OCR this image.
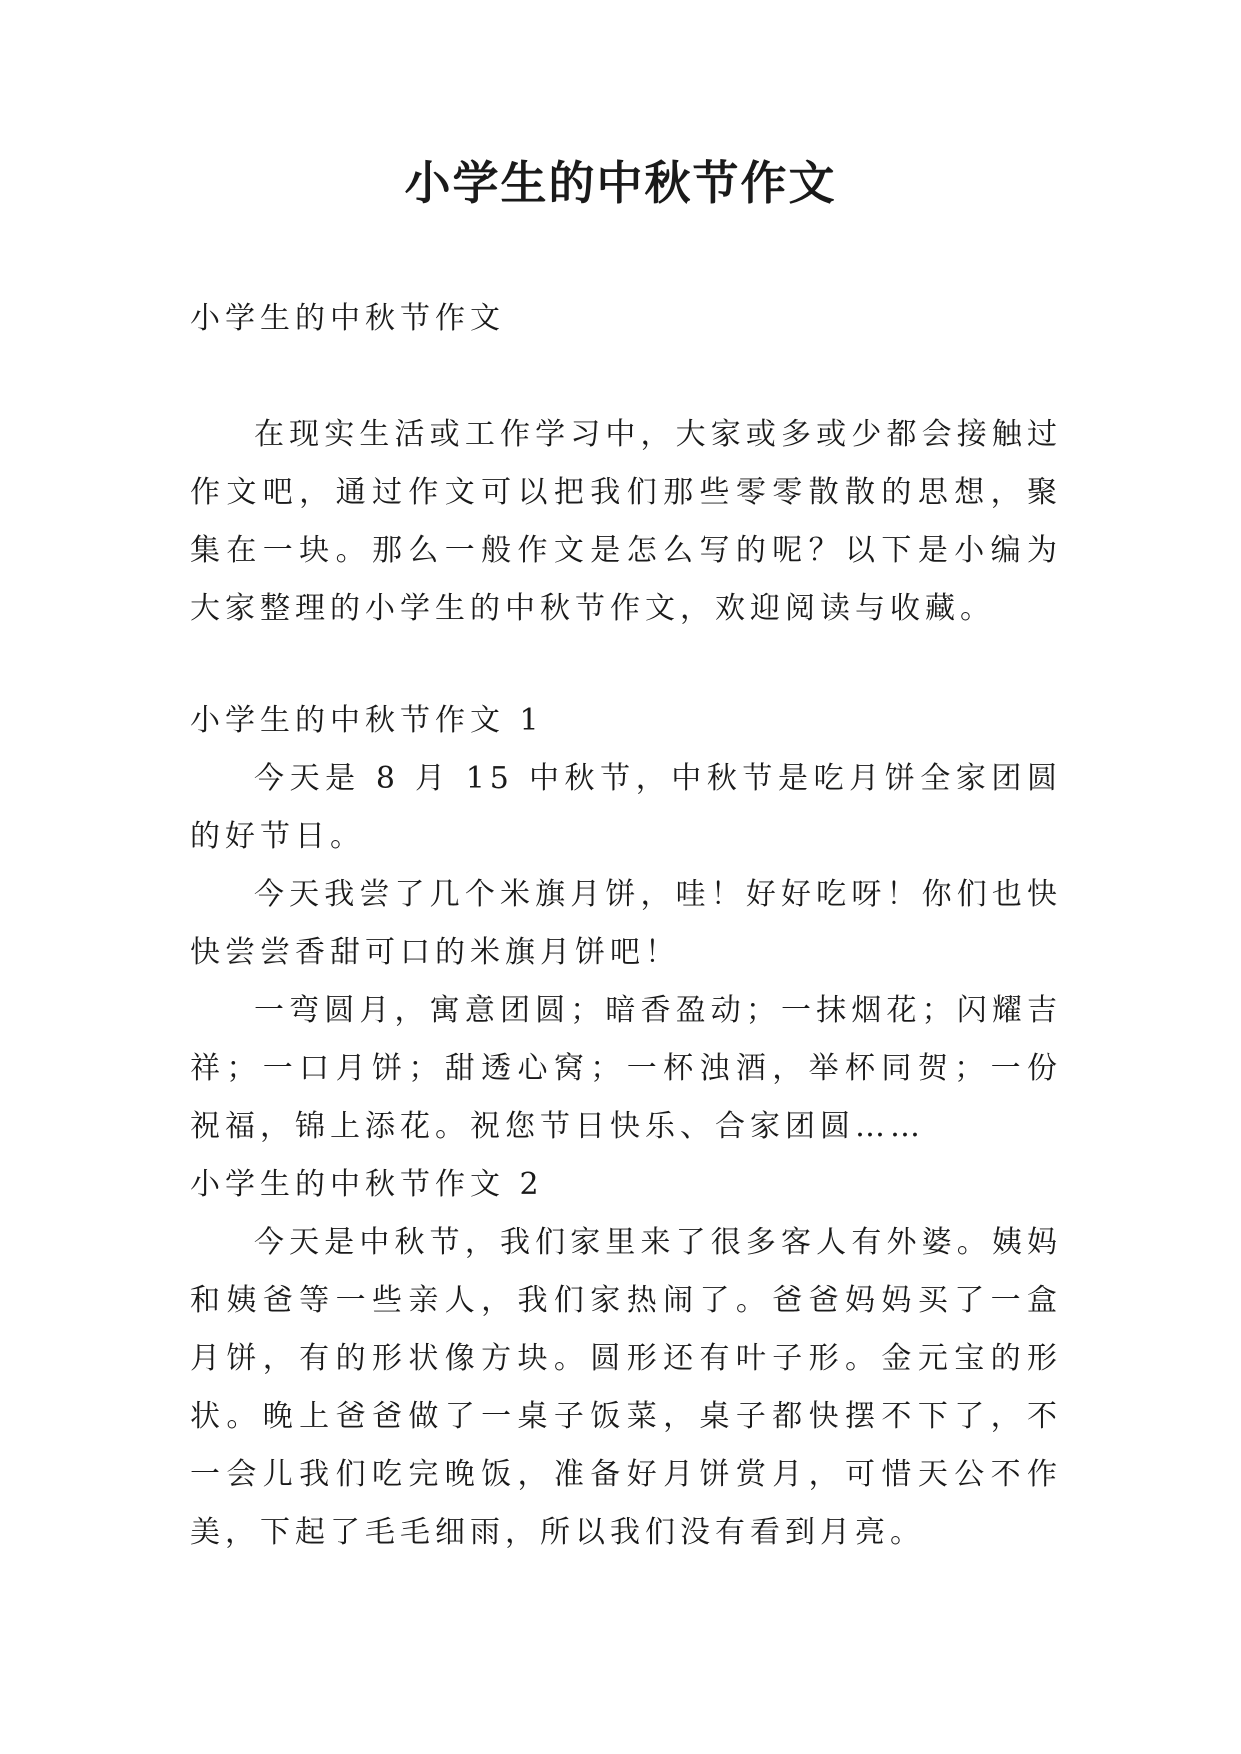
小学生的中秋节作文

小学生的中秋节作文

在现实生活或工作学习中，大家或多或少都会接触过作文吧，通过作文可以把我们那些零零散散的思想，聚集在一块。那么一般作文是怎么写的呢？以下是小编为大家整理的小学生的中秋节作文，欢迎阅读与收藏。

小学生的中秋节作文 1

今天是 8 月 15 中秋节，中秋节是吃月饼全家团圆的好节日。

今天我尝了几个米旗月饼，哇！好好吃呀！你们也快快尝尝香甜可口的米旗月饼吧！

一弯圆月，寓意团圆；暗香盈动；一抹烟花；闪耀吉祥；一口月饼；甜透心窝；一杯浊酒，举杯同贺；一份祝福，锦上添花。祝您节日快乐、合家团圆……

小学生的中秋节作文 2

今天是中秋节，我们家里来了很多客人有外婆。姨妈和姨爸等一些亲人，我们家热闹了。爸爸妈妈买了一盒月饼，有的形状像方块。圆形还有叶子形。金元宝的形状。晚上爸爸做了一桌子饭菜，桌子都快摆不下了，不一会儿我们吃完晚饭，准备好月饼赏月，可惜天公不作美，下起了毛毛细雨，所以我们没有看到月亮。
